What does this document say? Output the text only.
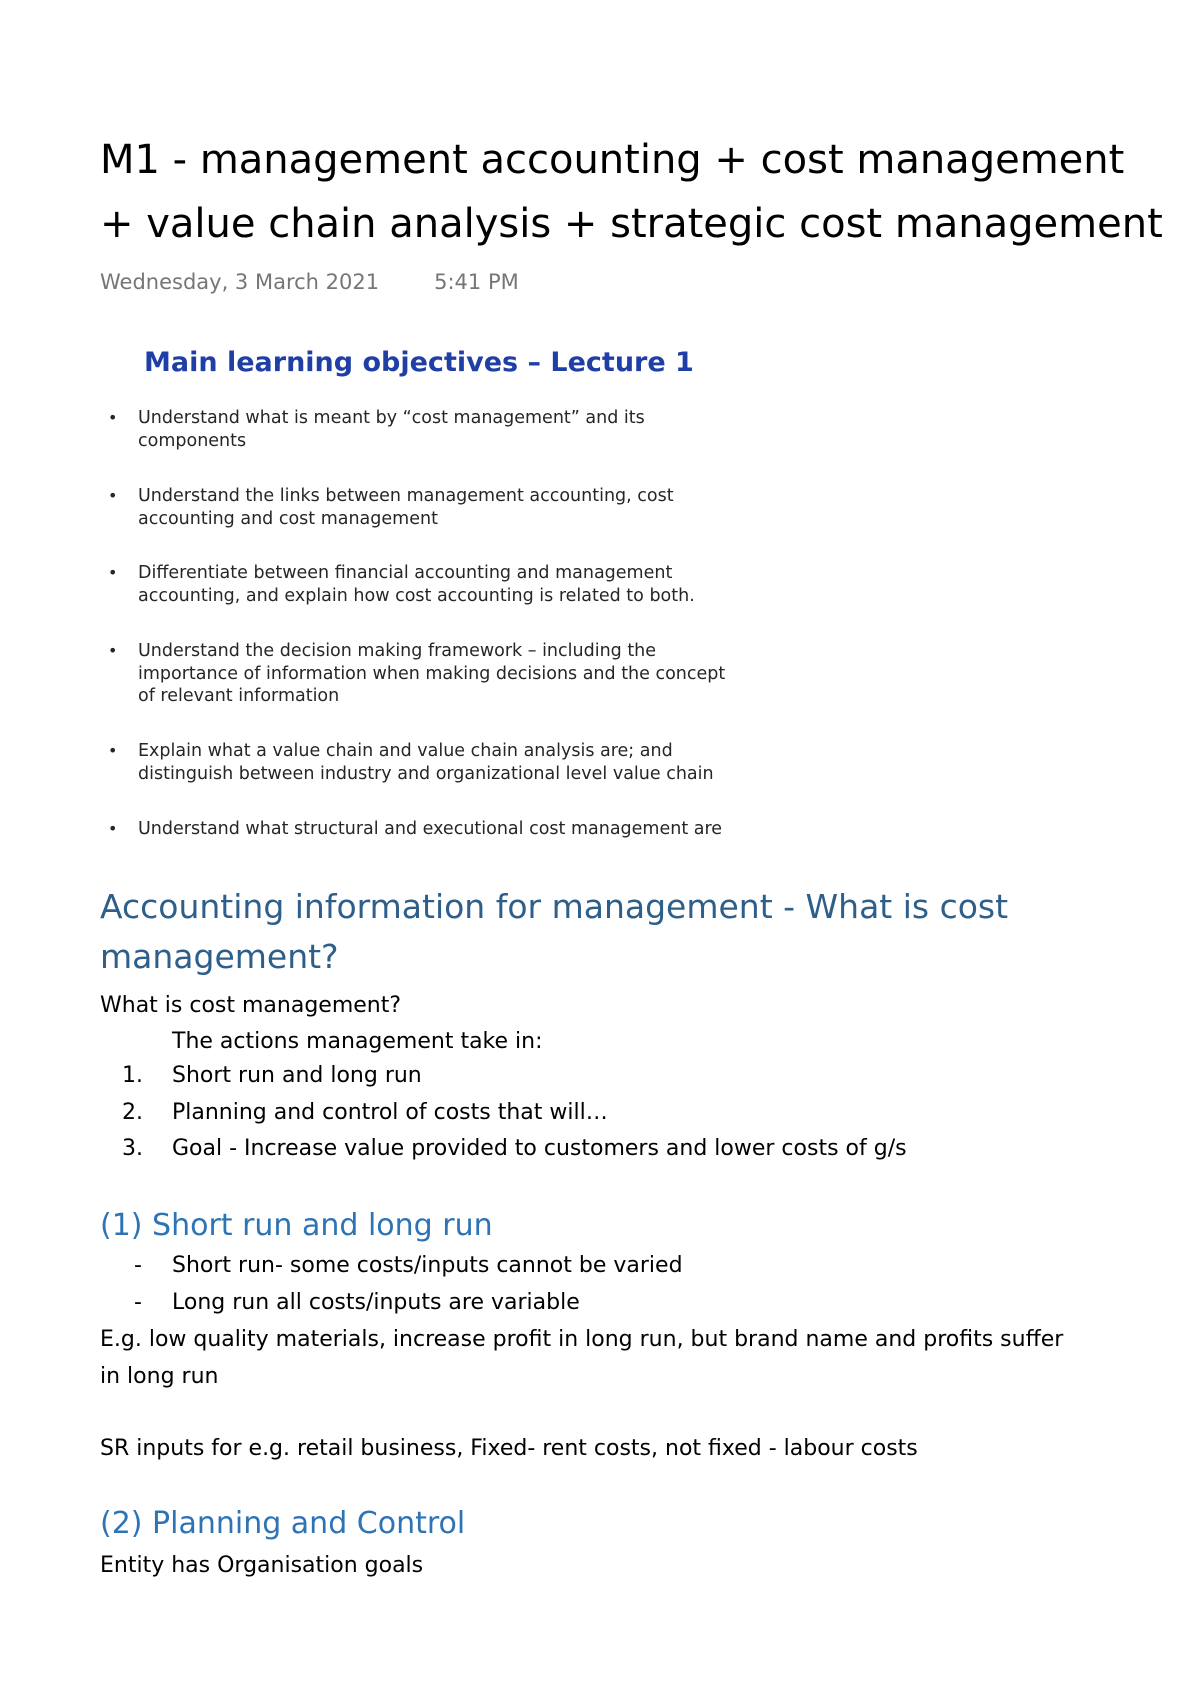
M1 - management accounting + cost management
+ value chain analysis + strategic cost management
Wednesday, 3 March 2021	5:41 PM
Main learning objectives – Lecture 1
• Understand what is meant by “cost management” and its
components
• Understand the links between management accounting, cost
accounting and cost management
• Differentiate between financial accounting and management
accounting, and explain how cost accounting is related to both.
• Understand the decision making framework – including the
importance of information when making decisions and the concept
of relevant information
• Explain what a value chain and value chain analysis are; and
distinguish between industry and organizational level value chain
• Understand what structural and executional cost management are
Accounting information for management - What is cost
management?
What is cost management?
The actions management take in:
1. Short run and long run
2. Planning and control of costs that will…
3. Goal - Increase value provided to customers and lower costs of g/s
(1) Short run and long run
- Short run- some costs/inputs cannot be varied
- Long run all costs/inputs are variable
E.g. low quality materials, increase profit in long run, but brand name and profits suffer
in long run
SR inputs for e.g. retail business, Fixed- rent costs, not fixed - labour costs
(2) Planning and Control
Entity has Organisation goals
